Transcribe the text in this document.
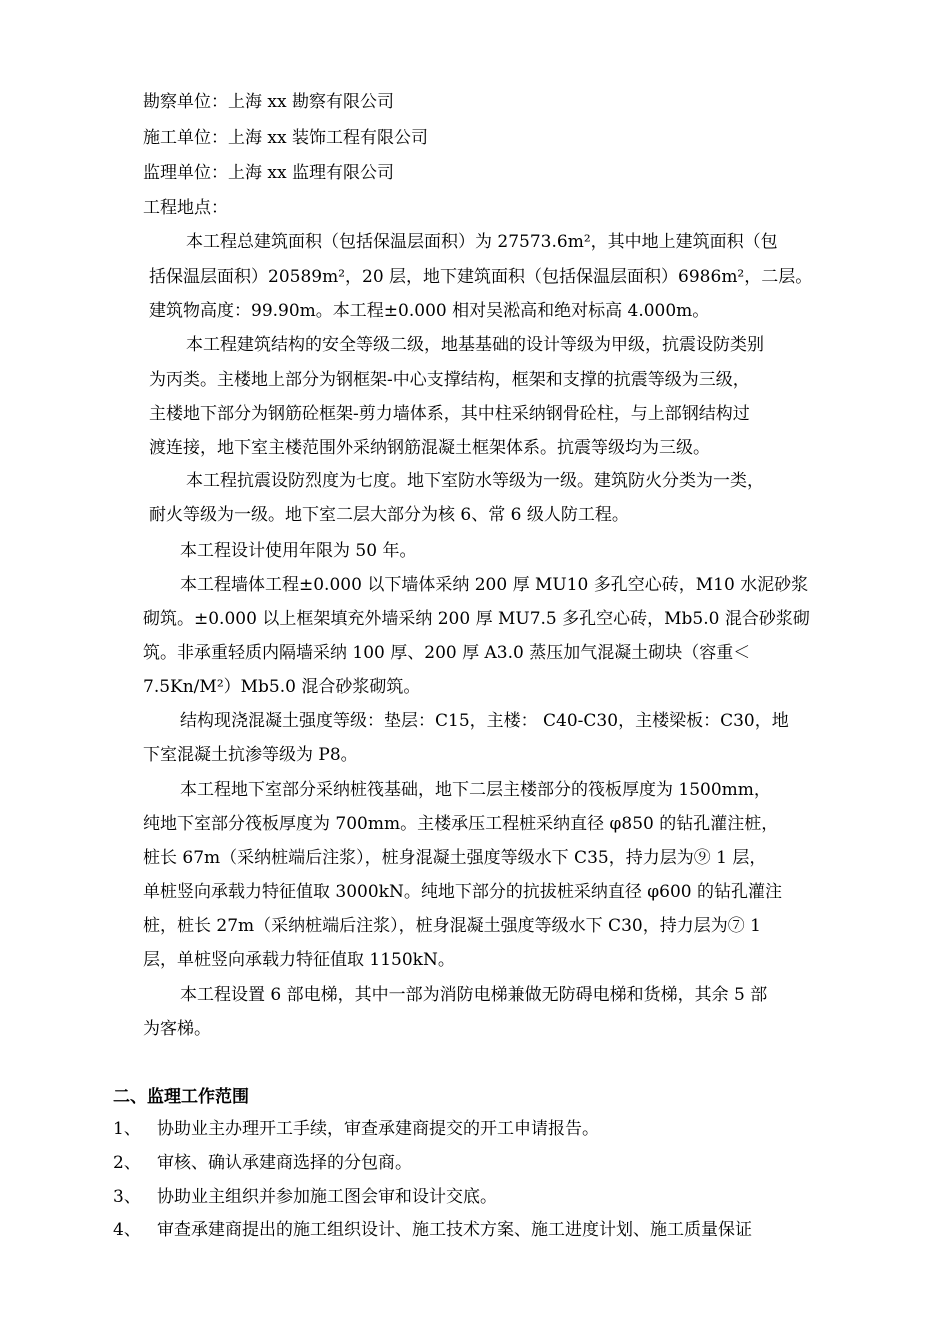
勘察单位：上海 xx 勘察有限公司

施工单位：上海 xx 装饰工程有限公司

监理单位：上海 xx 监理有限公司

工程地点：

本工程总建筑面积（包括保温层面积）为 27573.6m²，其中地上建筑面积（包

括保温层面积）20589m²，20 层，地下建筑面积（包括保温层面积）6986m²，二层。

建筑物高度：99.90m。本工程±0.000 相对吴淞高和绝对标高 4.000m。

本工程建筑结构的安全等级二级，地基基础的设计等级为甲级，抗震设防类别

为丙类。主楼地上部分为钢框架-中心支撑结构，框架和支撑的抗震等级为三级，

主楼地下部分为钢筋砼框架-剪力墙体系，其中柱采纳钢骨砼柱，与上部钢结构过

渡连接，地下室主楼范围外采纳钢筋混凝土框架体系。抗震等级均为三级。

本工程抗震设防烈度为七度。地下室防水等级为一级。建筑防火分类为一类，

耐火等级为一级。地下室二层大部分为核 6、常 6 级人防工程。

本工程设计使用年限为 50 年。

本工程墙体工程±0.000 以下墙体采纳 200 厚 MU10 多孔空心砖，M10 水泥砂浆

砌筑。±0.000 以上框架填充外墙采纳 200 厚 MU7.5 多孔空心砖，Mb5.0 混合砂浆砌

筑。非承重轻质内隔墙采纳 100 厚、200 厚 A3.0 蒸压加气混凝土砌块（容重＜

7.5Kn/M²）Mb5.0 混合砂浆砌筑。

结构现浇混凝土强度等级：垫层：C15，主楼： C40-C30，主楼梁板：C30，地

下室混凝土抗渗等级为 P8。

本工程地下室部分采纳桩筏基础，地下二层主楼部分的筏板厚度为 1500mm，

纯地下室部分筏板厚度为 700mm。主楼承压工程桩采纳直径 φ850 的钻孔灌注桩，

桩长 67m（采纳桩端后注浆），桩身混凝土强度等级水下 C35，持力层为⑨ 1 层，

单桩竖向承载力特征值取 3000kN。纯地下部分的抗拔桩采纳直径 φ600 的钻孔灌注

桩，桩长 27m（采纳桩端后注浆），桩身混凝土强度等级水下 C30，持力层为⑦ 1

层，单桩竖向承载力特征值取 1150kN。

本工程设置 6 部电梯，其中一部为消防电梯兼做无防碍电梯和货梯，其余 5 部

为客梯。

二、监理工作范围

1、 协助业主办理开工手续，审查承建商提交的开工申请报告。

2、 审核、确认承建商选择的分包商。

3、 协助业主组织并参加施工图会审和设计交底。

4、 审查承建商提出的施工组织设计、施工技术方案、施工进度计划、施工质量保证
